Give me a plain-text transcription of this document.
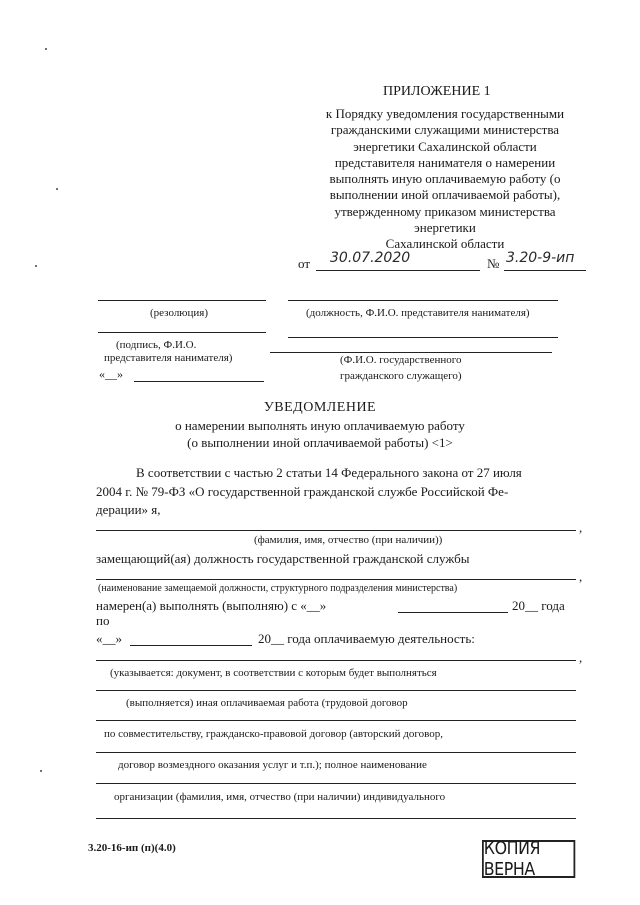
ПРИЛОЖЕНИЕ 1
к Порядку уведомления государственными
гражданскими служащими министерства
энергетики Сахалинской области
представителя нанимателя о намерении
выполнять иную оплачиваемую работу (о
выполнении иной оплачиваемой работы),
утвержденному приказом министерства
энергетики
Сахалинской области
от 30.07.2020	№ 3.20-9-ип
(резолюция)	(должность, Ф.И.О. представителя нанимателя)
(подпись, Ф.И.О.
представителя нанимателя)	(Ф.И.О. государственного
«__»	гражданского служащего)
УВЕДОМЛЕНИЕ
о намерении выполнять иную оплачиваемую работу
(о выполнении иной оплачиваемой работы) <1>
В соответствии с частью 2 статьи 14 Федерального закона от 27 июля
2004 г. № 79-ФЗ «О государственной гражданской службе Российской Фе-
дерации» я,
,
(фамилия, имя, отчество (при наличии))
замещающий(ая) должность государственной гражданской службы
,
(наименование замещаемой должности, структурного подразделения министерства)
намерен(а) выполнять (выполняю) с «__»	20__ года
по
«__»	20__ года оплачиваемую деятельность:
,
(указывается: документ, в соответствии с которым будет выполняться
(выполняется) иная оплачиваемая работа (трудовой договор
по совместительству, гражданско-правовой договор (авторский договор,
договор возмездного оказания услуг и т.п.); полное наименование
организации (фамилия, имя, отчество (при наличии) индивидуального
3.20-16-ип (п)(4.0)	КОПИЯ ВЕРНА
